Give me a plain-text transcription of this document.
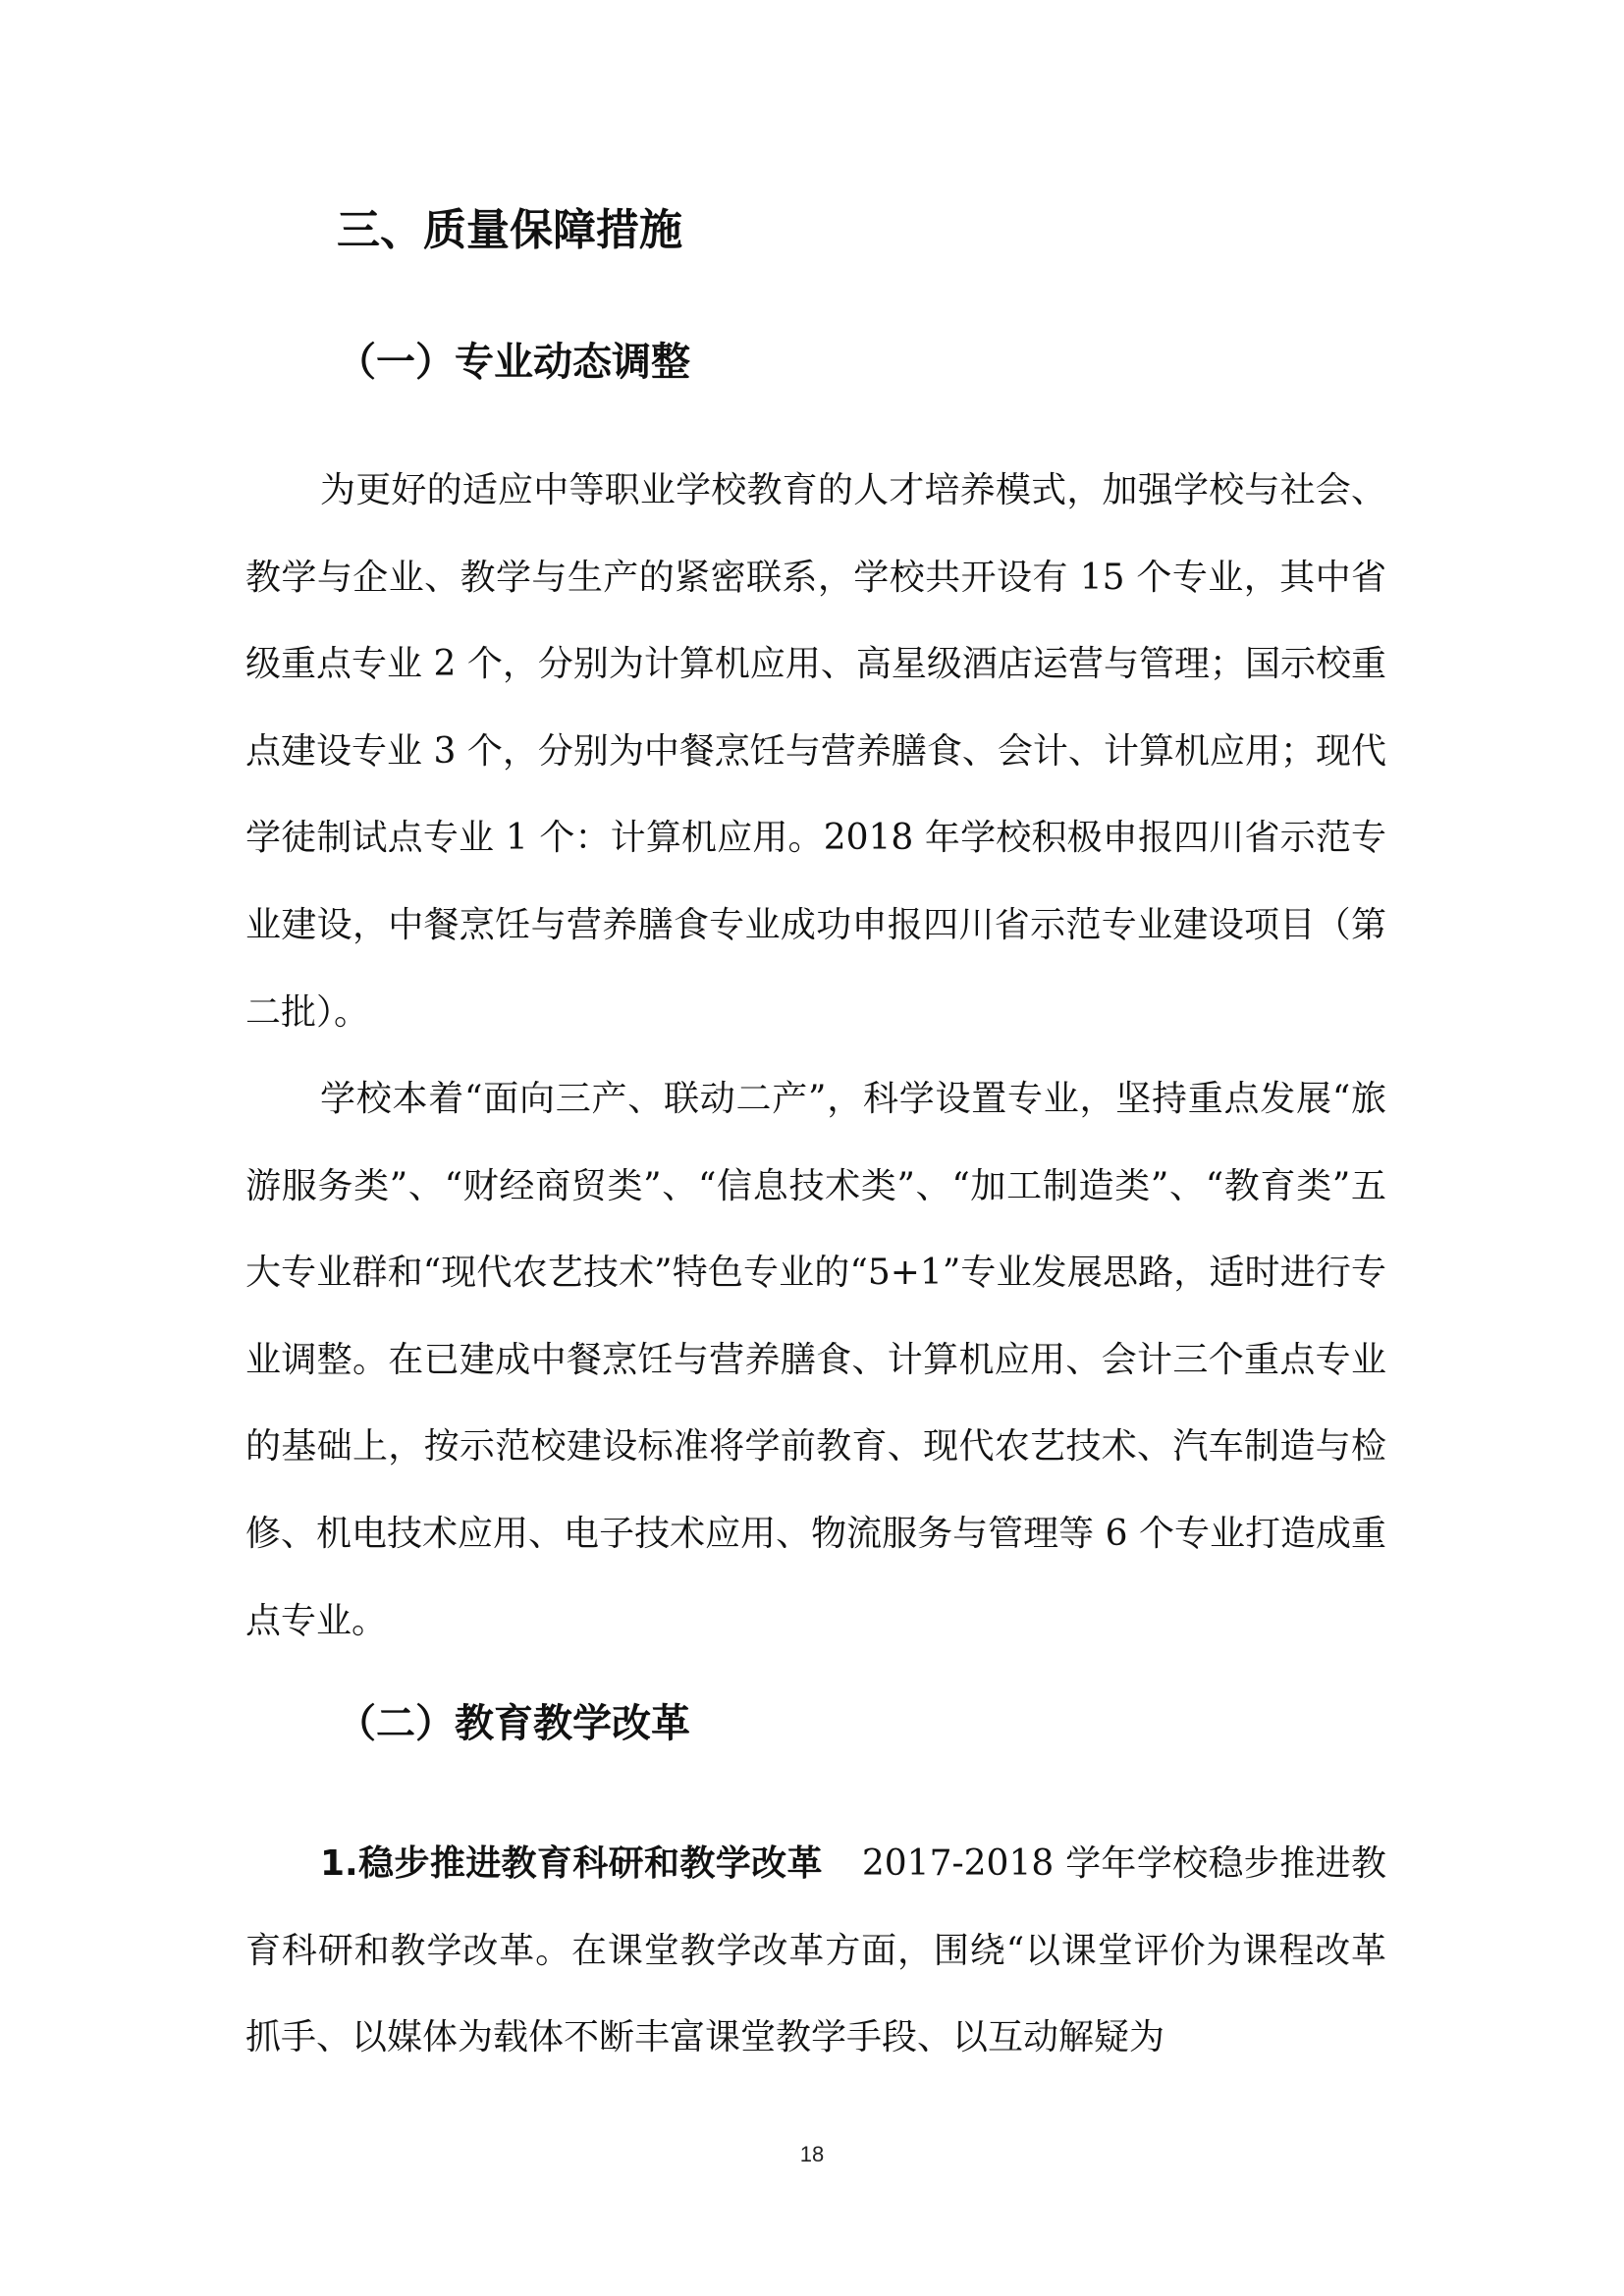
三、质量保障措施
（一）专业动态调整

为更好的适应中等职业学校教育的人才培养模式，加强学校与社会、教学与企业、教学与生产的紧密联系，学校共开设有 15 个专业，其中省级重点专业 2 个，分别为计算机应用、高星级酒店运营与管理；国示校重点建设专业 3 个，分别为中餐烹饪与营养膳食、会计、计算机应用；现代学徒制试点专业 1 个：计算机应用。2018 年学校积极申报四川省示范专业建设，中餐烹饪与营养膳食专业成功申报四川省示范专业建设项目（第二批）。

学校本着“面向三产、联动二产”，科学设置专业，坚持重点发展“旅游服务类”、“财经商贸类”、“信息技术类”、“加工制造类”、“教育类”五大专业群和“现代农艺技术”特色专业的“5+1”专业发展思路，适时进行专业调整。在已建成中餐烹饪与营养膳食、计算机应用、会计三个重点专业的基础上，按示范校建设标准将学前教育、现代农艺技术、汽车制造与检修、机电技术应用、电子技术应用、物流服务与管理等 6 个专业打造成重点专业。

（二）教育教学改革

1.稳步推进教育科研和教学改革 2017-2018 学年学校稳步推进教育科研和教学改革。在课堂教学改革方面，围绕“以课堂评价为课程改革抓手、以媒体为载体不断丰富课堂教学手段、以互动解疑为

18
